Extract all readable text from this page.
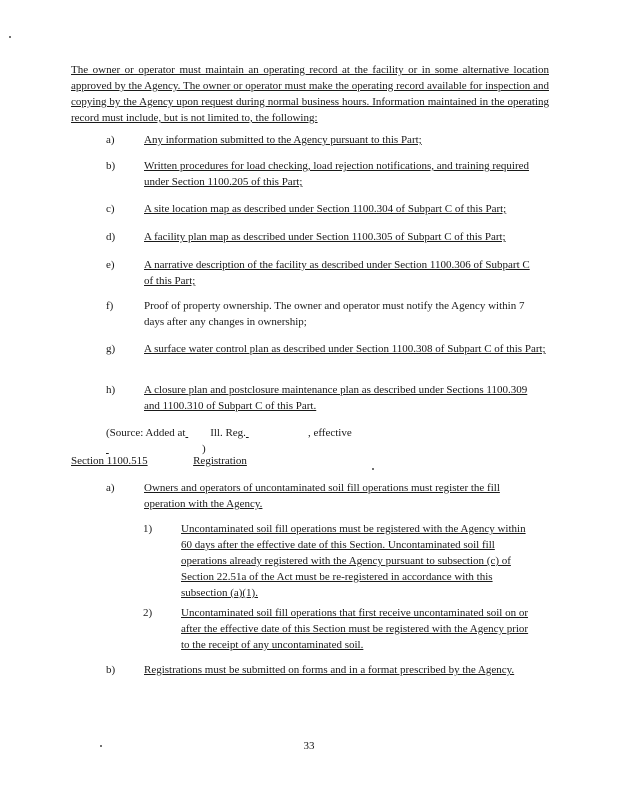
The owner or operator must maintain an operating record at the facility or in some alternative location approved by the Agency. The owner or operator must make the operating record available for inspection and copying by the Agency upon request during normal business hours. Information maintained in the operating record must include, but is not limited to, the following:
a)	Any information submitted to the Agency pursuant to this Part;
b)	Written procedures for load checking, load rejection notifications, and training required under Section 1100.205 of this Part;
c)	A site location map as described under Section 1100.304 of Subpart C of this Part;
d)	A facility plan map as described under Section 1100.305 of Subpart C of this Part;
e)	A narrative description of the facility as described under Section 1100.306 of Subpart C of this Part;
f)	Proof of property ownership. The owner and operator must notify the Agency within 7 days after any changes in ownership;
g)	A surface water control plan as described under Section 1100.308 of Subpart C of this Part;
h)	A closure plan and postclosure maintenance plan as described under Sections 1100.309 and 1100.310 of Subpart C of this Part.
(Source: Added at Ill. Reg.	, effective )
Section 1100.515	Registration
a)	Owners and operators of uncontaminated soil fill operations must register the fill operation with the Agency.
1)	Uncontaminated soil fill operations must be registered with the Agency within 60 days after the effective date of this Section. Uncontaminated soil fill operations already registered with the Agency pursuant to subsection (c) of Section 22.51a of the Act must be re-registered in accordance with this subsection (a)(1).
2)	Uncontaminated soil fill operations that first receive uncontaminated soil on or after the effective date of this Section must be registered with the Agency prior to the receipt of any uncontaminated soil.
b)	Registrations must be submitted on forms and in a format prescribed by the Agency.
33
